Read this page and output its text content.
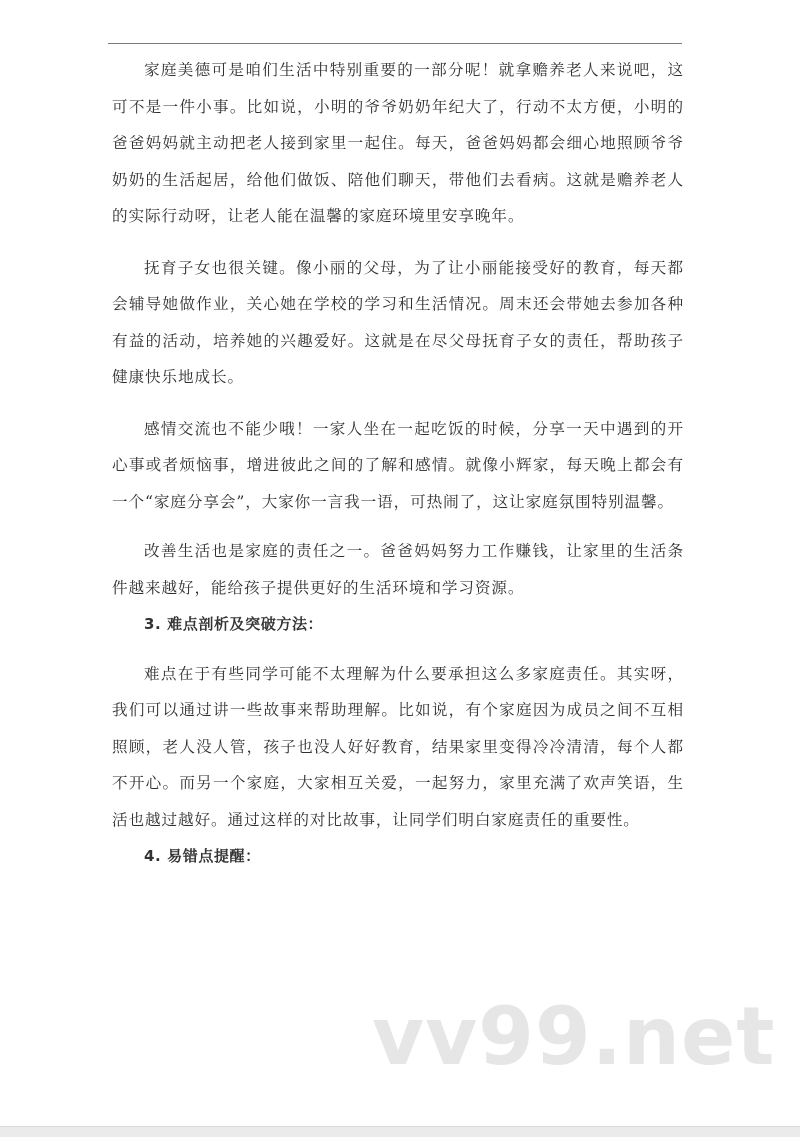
家庭美德可是咱们生活中特别重要的一部分呢！就拿赡养老人来说吧，这可不是一件小事。比如说，小明的爷爷奶奶年纪大了，行动不太方便，小明的爸爸妈妈就主动把老人接到家里一起住。每天，爸爸妈妈都会细心地照顾爷爷奶奶的生活起居，给他们做饭、陪他们聊天，带他们去看病。这就是赡养老人的实际行动呀，让老人能在温馨的家庭环境里安享晚年。

抚育子女也很关键。像小丽的父母，为了让小丽能接受好的教育，每天都会辅导她做作业，关心她在学校的学习和生活情况。周末还会带她去参加各种有益的活动，培养她的兴趣爱好。这就是在尽父母抚育子女的责任，帮助孩子健康快乐地成长。

感情交流也不能少哦！一家人坐在一起吃饭的时候，分享一天中遇到的开心事或者烦恼事，增进彼此之间的了解和感情。就像小辉家，每天晚上都会有一个“家庭分享会”，大家你一言我一语，可热闹了，这让家庭氛围特别温馨。

改善生活也是家庭的责任之一。爸爸妈妈努力工作赚钱，让家里的生活条件越来越好，能给孩子提供更好的生活环境和学习资源。

3. 难点剖析及突破方法：

难点在于有些同学可能不太理解为什么要承担这么多家庭责任。其实呀，我们可以通过讲一些故事来帮助理解。比如说，有个家庭因为成员之间不互相照顾，老人没人管，孩子也没人好好教育，结果家里变得冷冷清清，每个人都不开心。而另一个家庭，大家相互关爱，一起努力，家里充满了欢声笑语，生活也越过越好。通过这样的对比故事，让同学们明白家庭责任的重要性。

4. 易错点提醒：

vv99.net
